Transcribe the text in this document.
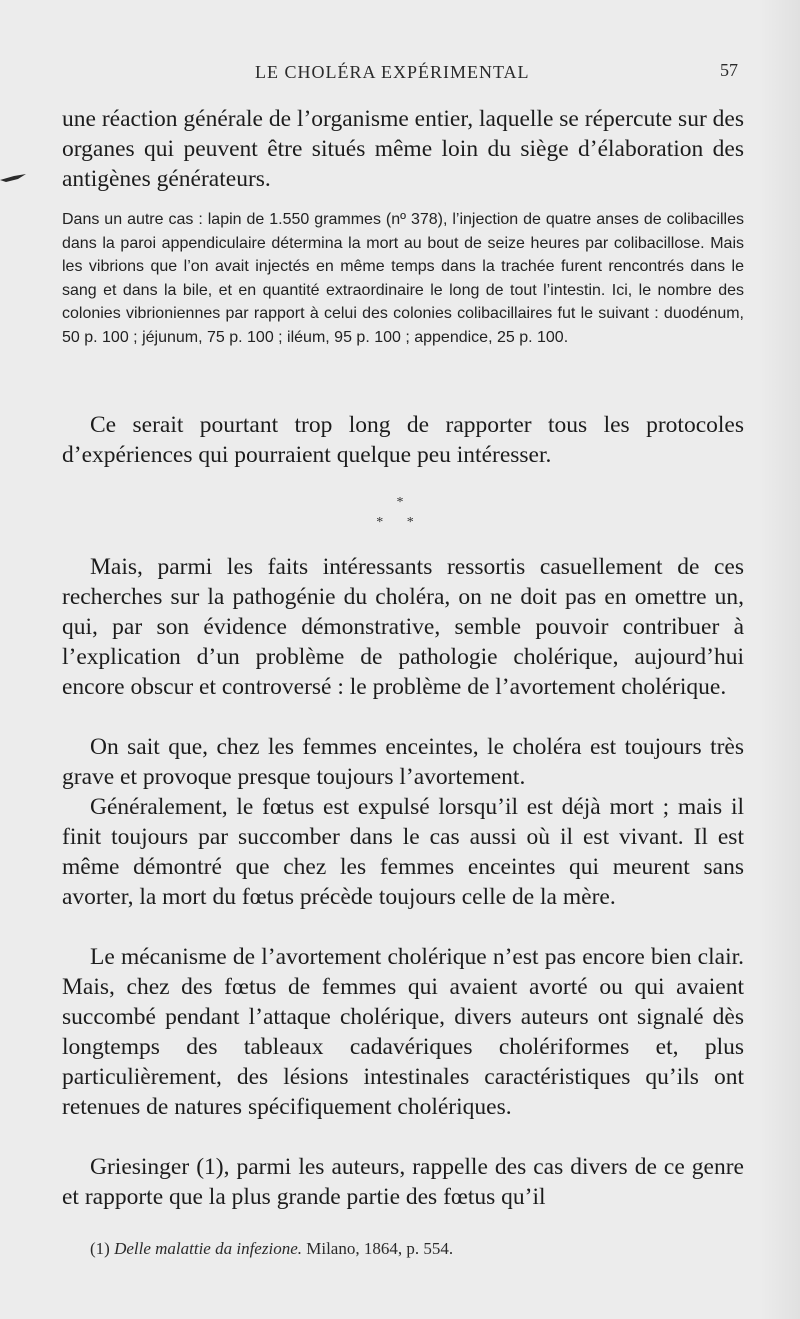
LE CHOLÉRA EXPÉRIMENTAL	57

une réaction générale de l’organisme entier, laquelle se répercute sur des organes qui peuvent être situés même loin du siège d’élaboration des antigènes générateurs.

Dans un autre cas : lapin de 1.550 grammes (nº 378), l’injection de quatre anses de colibacilles dans la paroi appendiculaire détermina la mort au bout de seize heures par colibacillose. Mais les vibrions que l’on avait injectés en même temps dans la trachée furent rencontrés dans le sang et dans la bile, et en quantité extraordinaire le long de tout l’intestin. Ici, le nombre des colonies vibrioniennes par rapport à celui des colonies colibacillaires fut le suivant : duodénum, 50 p. 100 ; jéjunum, 75 p. 100 ; iléum, 95 p. 100 ; appendice, 25 p. 100.

Ce serait pourtant trop long de rapporter tous les protocoles d’expériences qui pourraient quelque peu intéresser.

*
* *

Mais, parmi les faits intéressants ressortis casuellement de ces recherches sur la pathogénie du choléra, on ne doit pas en omettre un, qui, par son évidence démonstrative, semble pouvoir contribuer à l’explication d’un problème de pathologie cholérique, aujourd’hui encore obscur et controversé : le problème de l’avortement cholérique.

On sait que, chez les femmes enceintes, le choléra est toujours très grave et provoque presque toujours l’avortement.

Généralement, le fœtus est expulsé lorsqu’il est déjà mort ; mais il finit toujours par succomber dans le cas aussi où il est vivant. Il est même démontré que chez les femmes enceintes qui meurent sans avorter, la mort du fœtus précède toujours celle de la mère.

Le mécanisme de l’avortement cholérique n’est pas encore bien clair. Mais, chez des fœtus de femmes qui avaient avorté ou qui avaient succombé pendant l’attaque cholérique, divers auteurs ont signalé dès longtemps des tableaux cadavériques cholériformes et, plus particulièrement, des lésions intestinales caractéristiques qu’ils ont retenues de natures spécifiquement cholériques.

Griesinger (1), parmi les auteurs, rappelle des cas divers de ce genre et rapporte que la plus grande partie des fœtus qu’il

(1) Delle malattie da infezione. Milano, 1864, p. 554.
